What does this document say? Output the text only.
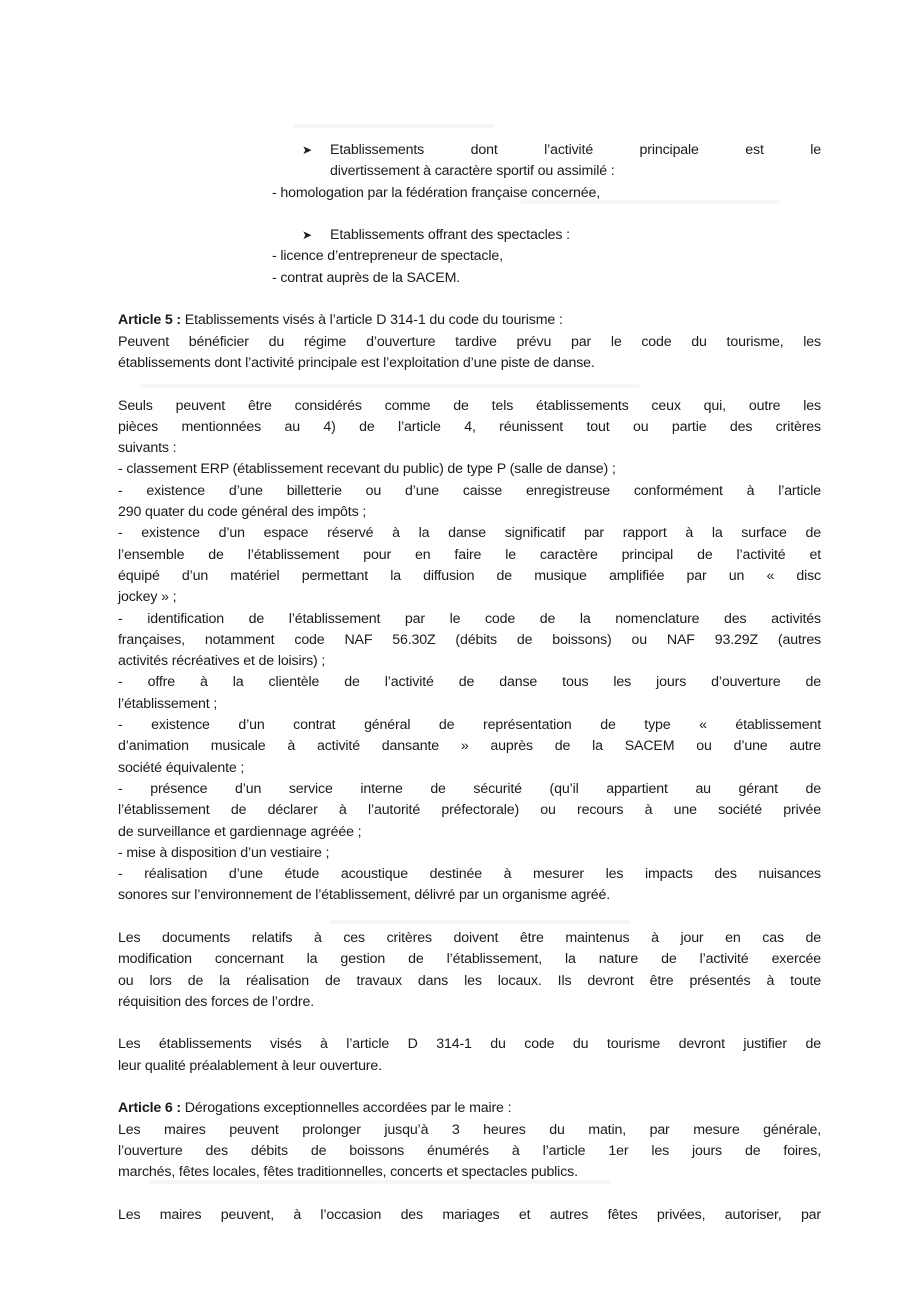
➤	Etablissements dont l’activité principale est le
divertissement à caractère sportif ou assimilé :
- homologation par la fédération française concernée,
➤	Etablissements offrant des spectacles :
- licence d’entrepreneur de spectacle,
- contrat auprès de la SACEM.
Article 5 : Etablissements visés à l’article D 314-1 du code du tourisme :
Peuvent bénéficier du régime d’ouverture tardive prévu par le code du tourisme, les
établissements dont l’activité principale est l’exploitation d’une piste de danse.
Seuls peuvent être considérés comme de tels établissements ceux qui, outre les
pièces mentionnées au 4) de l’article 4, réunissent tout ou partie des critères
suivants :
- classement ERP (établissement recevant du public) de type P (salle de danse) ;
- existence d’une billetterie ou d’une caisse enregistreuse conformément à l’article
290 quater du code général des impôts ;
- existence d’un espace réservé à la danse significatif par rapport à la surface de
l’ensemble de l’établissement pour en faire le caractère principal de l’activité et
équipé d’un matériel permettant la diffusion de musique amplifiée par un « disc
jockey » ;
- identification de l’établissement par le code de la nomenclature des activités
françaises, notamment code NAF 56.30Z (débits de boissons) ou NAF 93.29Z (autres
activités récréatives et de loisirs) ;
- offre à la clientèle de l’activité de danse tous les jours d’ouverture de
l’établissement ;
- existence d’un contrat général de représentation de type « établissement
d’animation musicale à activité dansante » auprès de la SACEM ou d’une autre
société équivalente ;
- présence d’un service interne de sécurité (qu’il appartient au gérant de
l’établissement de déclarer à l’autorité préfectorale) ou recours à une société privée
de surveillance et gardiennage agréée ;
- mise à disposition d’un vestiaire ;
- réalisation d’une étude acoustique destinée à mesurer les impacts des nuisances
sonores sur l’environnement de l’établissement, délivré par un organisme agréé.
Les documents relatifs à ces critères doivent être maintenus à jour en cas de
modification concernant la gestion de l’établissement, la nature de l’activité exercée
ou lors de la réalisation de travaux dans les locaux. Ils devront être présentés à toute
réquisition des forces de l’ordre.
Les établissements visés à l’article D 314-1 du code du tourisme devront justifier de
leur qualité préalablement à leur ouverture.
Article 6 : Dérogations exceptionnelles accordées par le maire :
Les maires peuvent prolonger jusqu’à 3 heures du matin, par mesure générale,
l’ouverture des débits de boissons énumérés à l’article 1er les jours de foires,
marchés, fêtes locales, fêtes traditionnelles, concerts et spectacles publics.
Les maires peuvent, à l’occasion des mariages et autres fêtes privées, autoriser, par
